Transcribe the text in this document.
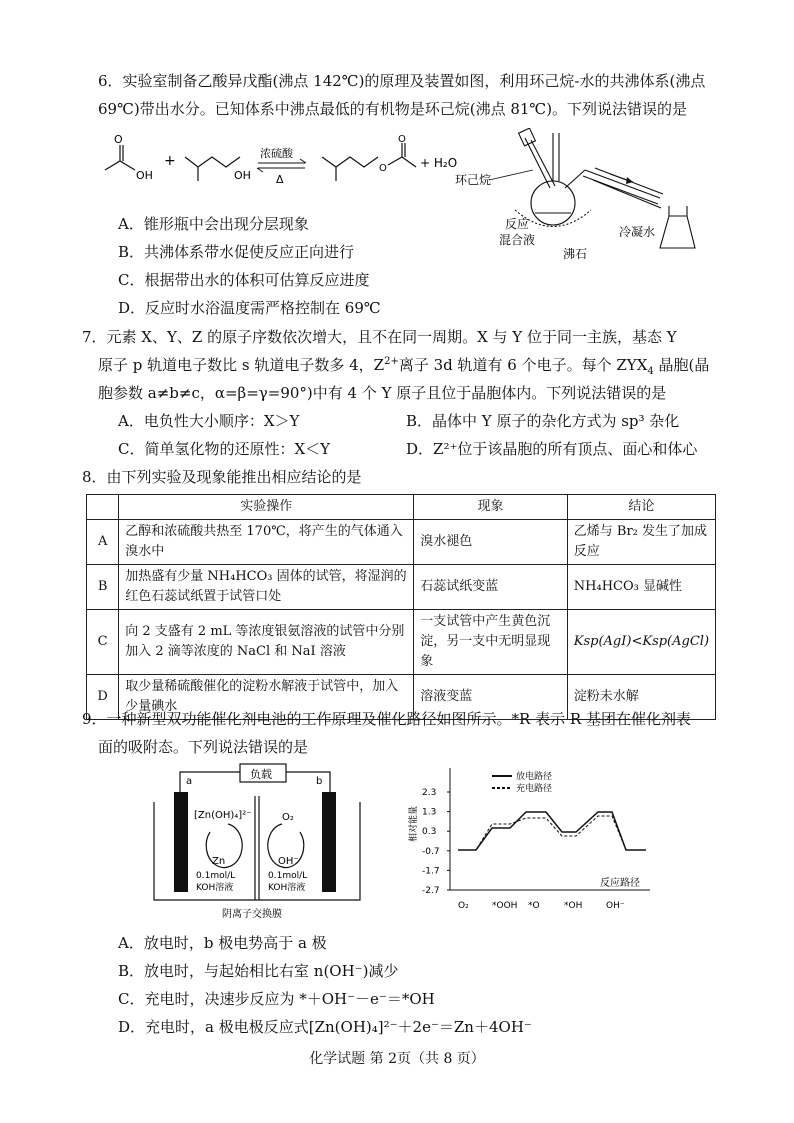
6．实验室制备乙酸异戊酯(沸点 142℃)的原理及装置如图，利用环己烷-水的共沸体系(沸点
69℃)带出水分。已知体系中沸点最低的有机物是环己烷(沸点 81℃)。下列说法错误的是
O
OH
+
OH
浓硫酸
Δ
O
O
+ H₂O
环己烷
反应
混合液
沸石
冷凝水
A．锥形瓶中会出现分层现象
B．共沸体系带水促使反应正向进行
C．根据带出水的体积可估算反应进度
D．反应时水浴温度需严格控制在 69℃
7．元素 X、Y、Z 的原子序数依次增大，且不在同一周期。X 与 Y 位于同一主族，基态 Y
原子 p 轨道电子数比 s 轨道电子数多 4，$Z^{2+}$离子 3d 轨道有 6 个电子。每个 $ZYX_4$ 晶胞(晶
胞参数 a≠b≠c，α=β=γ=90°)中有 4 个 Y 原子且位于晶胞体内。下列说法错误的是
A．电负性大小顺序：X＞Y	B．晶体中 Y 原子的杂化方式为 sp³ 杂化
C．简单氢化物的还原性：X＜Y	D．Z²⁺位于该晶胞的所有顶点、面心和体心
8．由下列实验及现象能推出相应结论的是
	实验操作	现象	结论
A	乙醇和浓硫酸共热至 170℃，将产生的气体通入溴水中	溴水褪色	乙烯与 Br₂ 发生了加成反应
B	加热盛有少量 NH₄HCO₃ 固体的试管，将湿润的红色石蕊试纸置于试管口处	石蕊试纸变蓝	NH₄HCO₃ 显碱性
C	向 2 支盛有 2 mL 等浓度银氨溶液的试管中分别加入 2 滴等浓度的 NaCl 和 NaI 溶液	一支试管中产生黄色沉淀，另一支中无明显现象	Ksp(AgI)<Ksp(AgCl)
D	取少量稀硫酸催化的淀粉水解液于试管中，加入少量碘水	溶液变蓝	淀粉未水解
9．一种新型双功能催化剂电池的工作原理及催化路径如图所示。*R 表示 R 基团在催化剂表
面的吸附态。下列说法错误的是
负载
a	b
[Zn(OH)₄]²⁻
Zn
0.1mol/L
KOH溶液
O₂
OH⁻
0.1mol/L
KOH溶液
阴离子交换膜
相对能量
反应路径
放电路径
充电路径
2.3
1.3
0.3
-0.7
-1.7
-2.7
O₂	*OOH *O	*OH	OH⁻
A．放电时，b 极电势高于 a 极
B．放电时，与起始相比右室 n(OH⁻)减少
C．充电时，决速步反应为 *＋OH⁻－e⁻＝*OH
D．充电时，a 极电极反应式[Zn(OH)₄]²⁻＋2e⁻＝Zn＋4OH⁻
化学试题 第 2页（共 8 页）
